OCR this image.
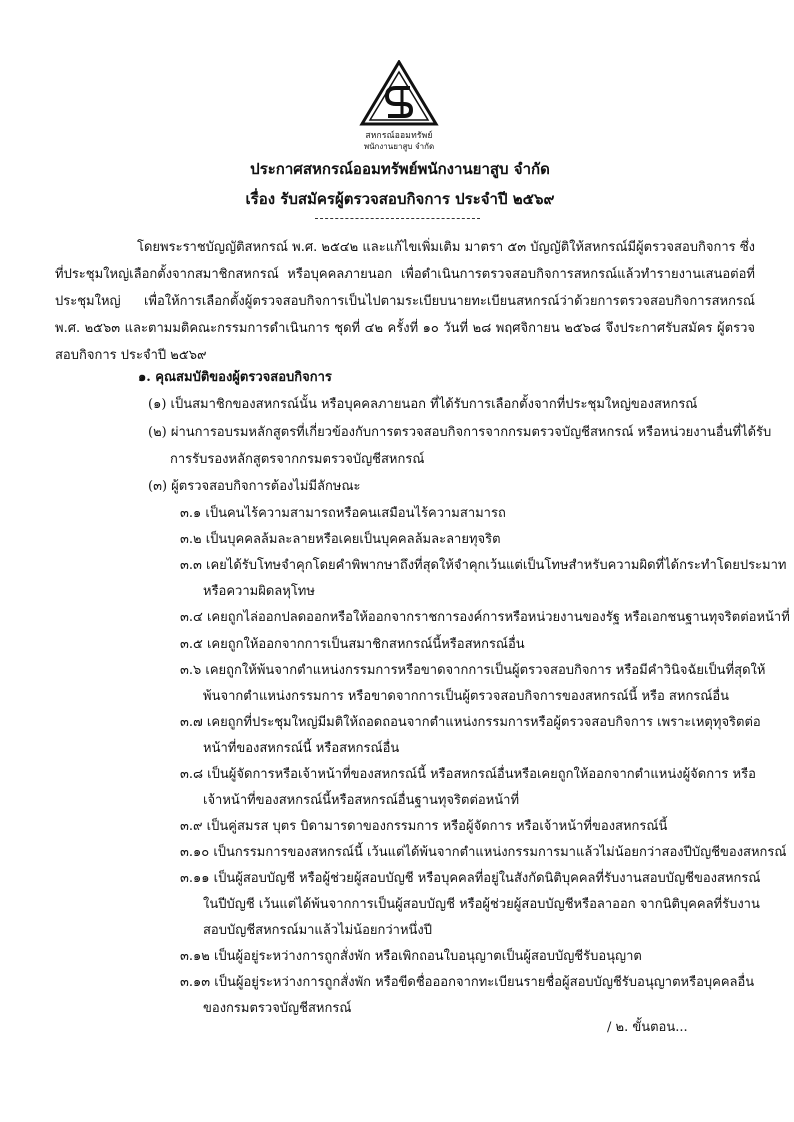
สหกรณ์ออมทรัพย์
พนักงานยาสูบ จำกัด
ประกาศสหกรณ์ออมทรัพย์พนักงานยาสูบ จำกัด
เรื่อง รับสมัครผู้ตรวจสอบกิจการ ประจำปี ๒๕๖๙
โดยพระราชบัญญัติสหกรณ์ พ.ศ. ๒๕๔๒ และแก้ไขเพิ่มเติม มาตรา ๕๓ บัญญัติให้สหกรณ์มีผู้ตรวจสอบกิจการ ซึ่งที่ประชุมใหญ่เลือกตั้งจากสมาชิกสหกรณ์ หรือบุคคลภายนอก เพื่อดำเนินการตรวจสอบกิจการสหกรณ์แล้วทำรายงานเสนอต่อที่ประชุมใหญ่ เพื่อให้การเลือกตั้งผู้ตรวจสอบกิจการเป็นไปตามระเบียบนายทะเบียนสหกรณ์ว่าด้วยการตรวจสอบกิจการสหกรณ์ พ.ศ. ๒๕๖๓ และตามมติคณะกรรมการดำเนินการ ชุดที่ ๔๒ ครั้งที่ ๑๐ วันที่ ๒๘ พฤศจิกายน ๒๕๖๘ จึงประกาศรับสมัคร ผู้ตรวจสอบกิจการ ประจำปี ๒๕๖๙
๑. คุณสมบัติของผู้ตรวจสอบกิจการ
(๑) เป็นสมาชิกของสหกรณ์นั้น หรือบุคคลภายนอก ที่ได้รับการเลือกตั้งจากที่ประชุมใหญ่ของสหกรณ์
(๒) ผ่านการอบรมหลักสูตรที่เกี่ยวข้องกับการตรวจสอบกิจการจากกรมตรวจบัญชีสหกรณ์ หรือหน่วยงานอื่นที่ได้รับ
การรับรองหลักสูตรจากกรมตรวจบัญชีสหกรณ์
(๓) ผู้ตรวจสอบกิจการต้องไม่มีลักษณะ
๓.๑ เป็นคนไร้ความสามารถหรือคนเสมือนไร้ความสามารถ
๓.๒ เป็นบุคคลล้มละลายหรือเคยเป็นบุคคลล้มละลายทุจริต
๓.๓ เคยได้รับโทษจำคุกโดยคำพิพากษาถึงที่สุดให้จำคุกเว้นแต่เป็นโทษสำหรับความผิดที่ได้กระทำโดยประมาท
หรือความผิดลหุโทษ
๓.๔ เคยถูกไล่ออกปลดออกหรือให้ออกจากราชการองค์การหรือหน่วยงานของรัฐ หรือเอกชนฐานทุจริตต่อหน้าที่
๓.๕ เคยถูกให้ออกจากการเป็นสมาชิกสหกรณ์นี้หรือสหกรณ์อื่น
๓.๖ เคยถูกให้พ้นจากตำแหน่งกรรมการหรือขาดจากการเป็นผู้ตรวจสอบกิจการ หรือมีคำวินิจฉัยเป็นที่สุดให้
พ้นจากตำแหน่งกรรมการ หรือขาดจากการเป็นผู้ตรวจสอบกิจการของสหกรณ์นี้ หรือ สหกรณ์อื่น
๓.๗ เคยถูกที่ประชุมใหญ่มีมติให้ถอดถอนจากตำแหน่งกรรมการหรือผู้ตรวจสอบกิจการ เพราะเหตุทุจริตต่อ
หน้าที่ของสหกรณ์นี้ หรือสหกรณ์อื่น
๓.๘ เป็นผู้จัดการหรือเจ้าหน้าที่ของสหกรณ์นี้ หรือสหกรณ์อื่นหรือเคยถูกให้ออกจากตำแหน่งผู้จัดการ หรือ
เจ้าหน้าที่ของสหกรณ์นี้หรือสหกรณ์อื่นฐานทุจริตต่อหน้าที่
๓.๙ เป็นคู่สมรส บุตร บิดามารดาของกรรมการ หรือผู้จัดการ หรือเจ้าหน้าที่ของสหกรณ์นี้
๓.๑๐ เป็นกรรมการของสหกรณ์นี้ เว้นแต่ได้พ้นจากตำแหน่งกรรมการมาแล้วไม่น้อยกว่าสองปีบัญชีของสหกรณ์
๓.๑๑ เป็นผู้สอบบัญชี หรือผู้ช่วยผู้สอบบัญชี หรือบุคคลที่อยู่ในสังกัดนิติบุคคลที่รับงานสอบบัญชีของสหกรณ์
ในปีบัญชี เว้นแต่ได้พ้นจากการเป็นผู้สอบบัญชี หรือผู้ช่วยผู้สอบบัญชีหรือลาออก จากนิติบุคคลที่รับงาน
สอบบัญชีสหกรณ์มาแล้วไม่น้อยกว่าหนึ่งปี
๓.๑๒ เป็นผู้อยู่ระหว่างการถูกสั่งพัก หรือเพิกถอนใบอนุญาตเป็นผู้สอบบัญชีรับอนุญาต
๓.๑๓ เป็นผู้อยู่ระหว่างการถูกสั่งพัก หรือขีดชื่อออกจากทะเบียนรายชื่อผู้สอบบัญชีรับอนุญาตหรือบุคคลอื่น
ของกรมตรวจบัญชีสหกรณ์
/ ๒. ขั้นตอน...
